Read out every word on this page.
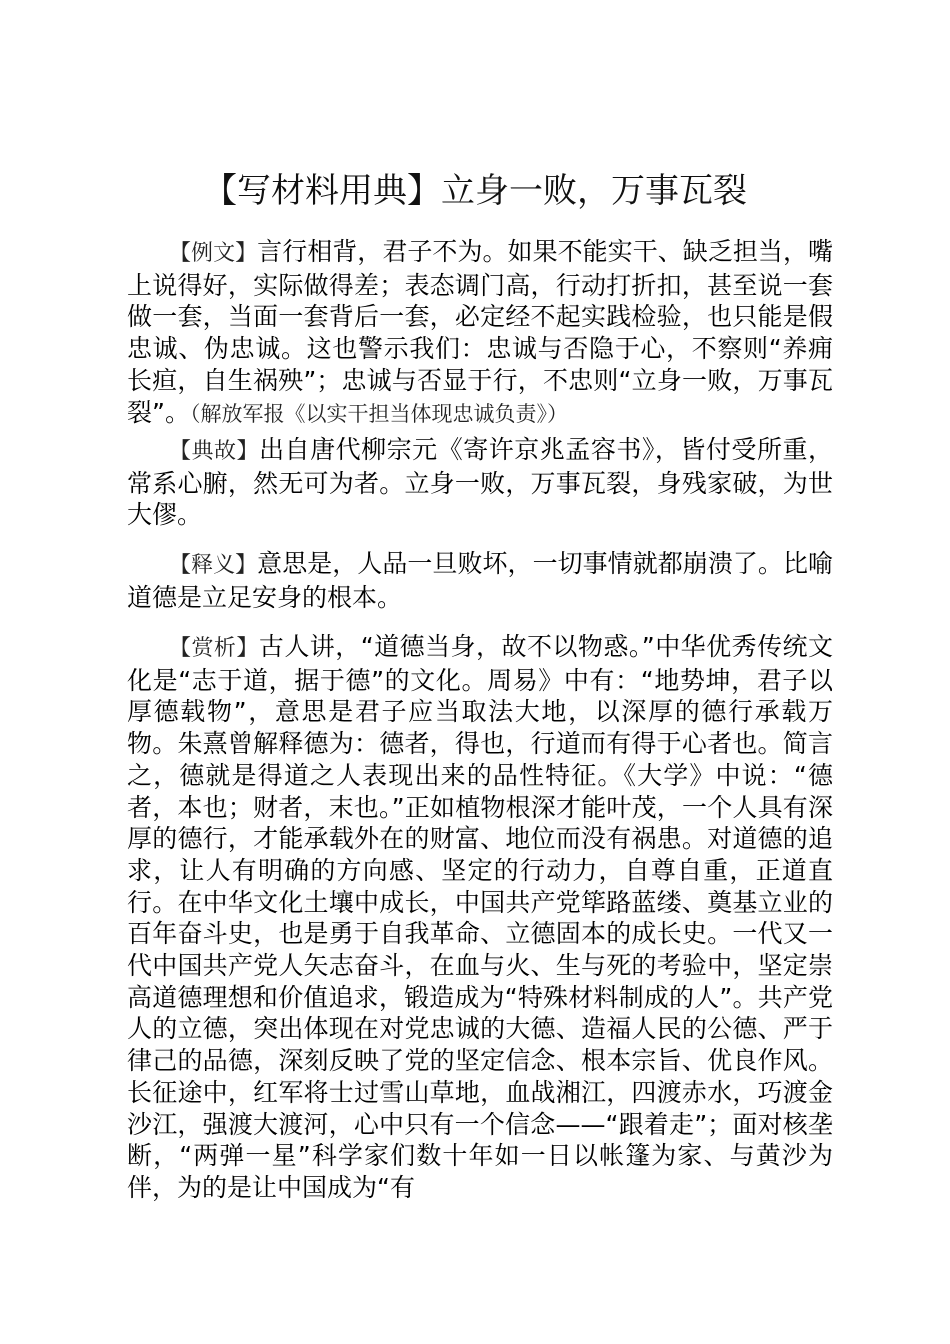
【写材料用典】立身一败，万事瓦裂

【例文】言行相背，君子不为。如果不能实干、缺乏担当，嘴上说得好，实际做得差；表态调门高，行动打折扣，甚至说一套做一套，当面一套背后一套，必定经不起实践检验，也只能是假忠诚、伪忠诚。这也警示我们：忠诚与否隐于心，不察则“养痈长疸，自生祸殃”；忠诚与否显于行，不忠则“立身一败，万事瓦裂”。（解放军报《以实干担当体现忠诚负责》）

【典故】出自唐代柳宗元《寄许京兆孟容书》，皆付受所重，常系心腑，然无可为者。立身一败，万事瓦裂，身残家破，为世大僇。

【释义】意思是，人品一旦败坏，一切事情就都崩溃了。比喻道德是立足安身的根本。

【赏析】古人讲，“道德当身，故不以物惑。”中华优秀传统文化是“志于道，据于德”的文化。周易》中有：“地势坤，君子以厚德载物”，意思是君子应当取法大地，以深厚的德行承载万物。朱熹曾解释德为：德者，得也，行道而有得于心者也。简言之，德就是得道之人表现出来的品性特征。《大学》中说：“德者，本也；财者，末也。”正如植物根深才能叶茂，一个人具有深厚的德行，才能承载外在的财富、地位而没有祸患。对道德的追求，让人有明确的方向感、坚定的行动力，自尊自重，正道直行。在中华文化土壤中成长，中国共产党筚路蓝缕、奠基立业的百年奋斗史，也是勇于自我革命、立德固本的成长史。一代又一代中国共产党人矢志奋斗，在血与火、生与死的考验中，坚定崇高道德理想和价值追求，锻造成为“特殊材料制成的人”。共产党人的立德，突出体现在对党忠诚的大德、造福人民的公德、严于律己的品德，深刻反映了党的坚定信念、根本宗旨、优良作风。长征途中，红军将士过雪山草地，血战湘江，四渡赤水，巧渡金沙江，强渡大渡河，心中只有一个信念——“跟着走”；面对核垄断，“两弹一星”科学家们数十年如一日以帐篷为家、与黄沙为伴，为的是让中国成为“有
